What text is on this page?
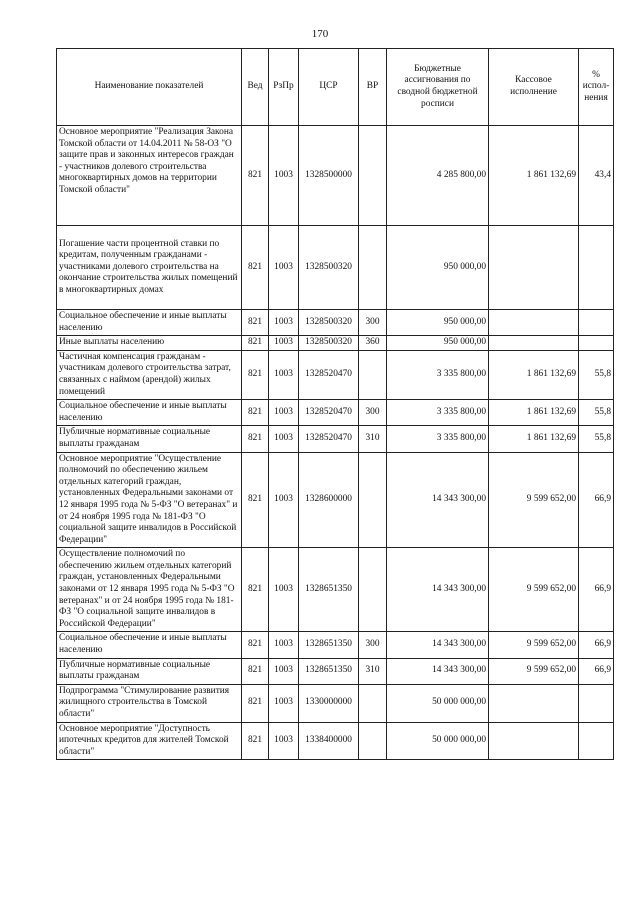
170
Наименование показателей	Вед	РзПр	ЦСР	ВР	Бюджетные ассигнования по сводной бюджетной росписи	Кассовое исполнение	% испол-нения
Основное мероприятие "Реализация Закона Томской области от 14.04.2011 № 58-ОЗ "О защите прав и законных интересов граждан - участников долевого строительства многоквартирных домов на территории Томской области"	821	1003	1328500000		4 285 800,00	1 861 132,69	43,4
Погашение части процентной ставки по кредитам, полученным гражданами - участниками долевого строительства на окончание строительства жилых помещений в многоквартирных домах	821	1003	1328500320		950 000,00		
Социальное обеспечение и иные выплаты населению	821	1003	1328500320	300	950 000,00		
Иные выплаты населению	821	1003	1328500320	360	950 000,00		
Частичная компенсация гражданам - участникам долевого строительства затрат, связанных с наймом (арендой) жилых помещений	821	1003	1328520470		3 335 800,00	1 861 132,69	55,8
Социальное обеспечение и иные выплаты населению	821	1003	1328520470	300	3 335 800,00	1 861 132,69	55,8
Публичные нормативные социальные выплаты гражданам	821	1003	1328520470	310	3 335 800,00	1 861 132,69	55,8
Основное мероприятие "Осуществление полномочий по обеспечению жильем отдельных категорий граждан, установленных Федеральными законами от 12 января 1995 года № 5-ФЗ "О ветеранах" и от 24 ноября 1995 года № 181-ФЗ "О социальной защите инвалидов в Российской Федерации"	821	1003	1328600000		14 343 300,00	9 599 652,00	66,9
Осуществление полномочий по обеспечению жильем отдельных категорий граждан, установленных Федеральными законами от 12 января 1995 года № 5-ФЗ "О ветеранах" и от 24 ноября 1995 года № 181-ФЗ "О социальной защите инвалидов в Российской Федерации"	821	1003	1328651350		14 343 300,00	9 599 652,00	66,9
Социальное обеспечение и иные выплаты населению	821	1003	1328651350	300	14 343 300,00	9 599 652,00	66,9
Публичные нормативные социальные выплаты гражданам	821	1003	1328651350	310	14 343 300,00	9 599 652,00	66,9
Подпрограмма "Стимулирование развития жилищного строительства в Томской области"	821	1003	1330000000		50 000 000,00		
Основное мероприятие "Доступность ипотечных кредитов для жителей Томской области"	821	1003	1338400000		50 000 000,00		
